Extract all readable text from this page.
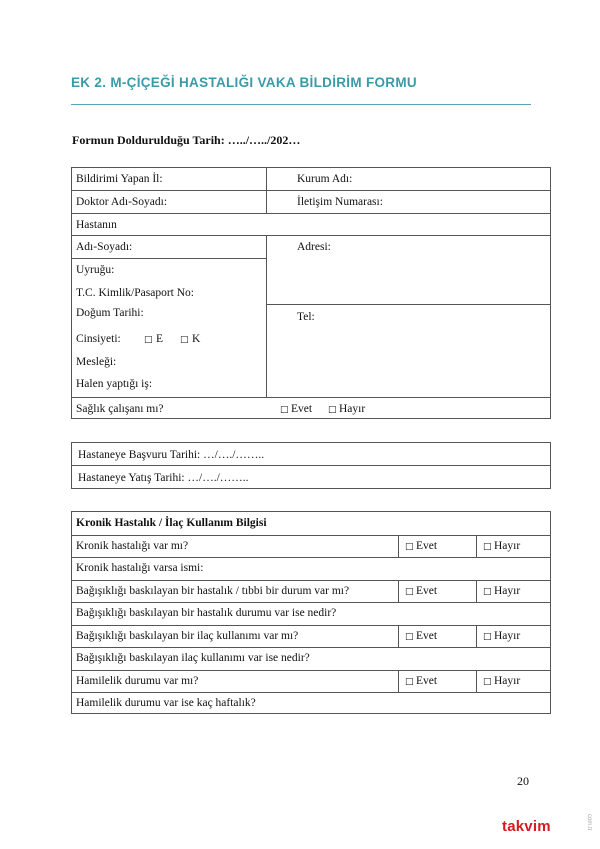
EK 2. M-ÇİÇEĞİ HASTALIĞI VAKA BİLDİRİM FORMU
Formun Doldurulduğu Tarih: …../…../202…
Bildirimi Yapan İl:	Kurum Adı:
Doktor Adı-Soyadı:	İletişim Numarası:
Hastanın
Adı-Soyadı:	Adresi:
Uyruğu:
T.C. Kimlik/Pasaport No:
Doğum Tarihi:	Tel:
Cinsiyeti:	□ E □ K
Mesleği:
Halen yaptığı iş:
Sağlık çalışanı mı?	□ Evet □ Hayır
Hastaneye Başvuru Tarihi: …/…./……..
Hastaneye Yatış Tarihi: …/…./……..
Kronik Hastalık / İlaç Kullanım Bilgisi
Kronik hastalığı var mı?	□ Evet	□ Hayır
Kronik hastalığı varsa ismi:
Bağışıklığı baskılayan bir hastalık / tıbbi bir durum var mı?	□ Evet	□ Hayır
Bağışıklığı baskılayan bir hastalık durumu var ise nedir?
Bağışıklığı baskılayan bir ilaç kullanımı var mı?	□ Evet	□ Hayır
Bağışıklığı baskılayan ilaç kullanımı var ise nedir?
Hamilelik durumu var mı?	□ Evet	□ Hayır
Hamilelik durumu var ise kaç haftalık?
20
takvim	com.tr
